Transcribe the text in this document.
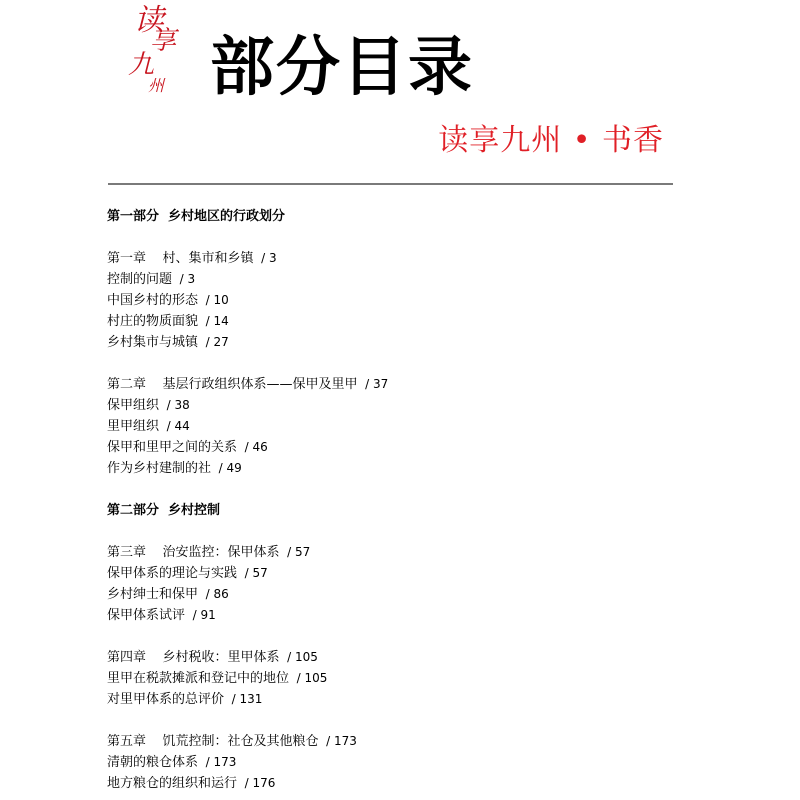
读
享
九
州 部分目录
读享九州 • 书香
第一部分  乡村地区的行政划分
第一章    村、集市和乡镇  / 3
控制的问题  / 3
中国乡村的形态  / 10
村庄的物质面貌  / 14
乡村集市与城镇  / 27
第二章    基层行政组织体系——保甲及里甲  / 37
保甲组织  / 38
里甲组织  / 44
保甲和里甲之间的关系  / 46
作为乡村建制的社  / 49
第二部分  乡村控制
第三章    治安监控：保甲体系  / 57
保甲体系的理论与实践  / 57
乡村绅士和保甲  / 86
保甲体系试评  / 91
第四章    乡村税收：里甲体系  / 105
里甲在税款摊派和登记中的地位  / 105
对里甲体系的总评价  / 131
第五章    饥荒控制：社仓及其他粮仓  / 173
清朝的粮仓体系  / 173
地方粮仓的组织和运行  / 176
